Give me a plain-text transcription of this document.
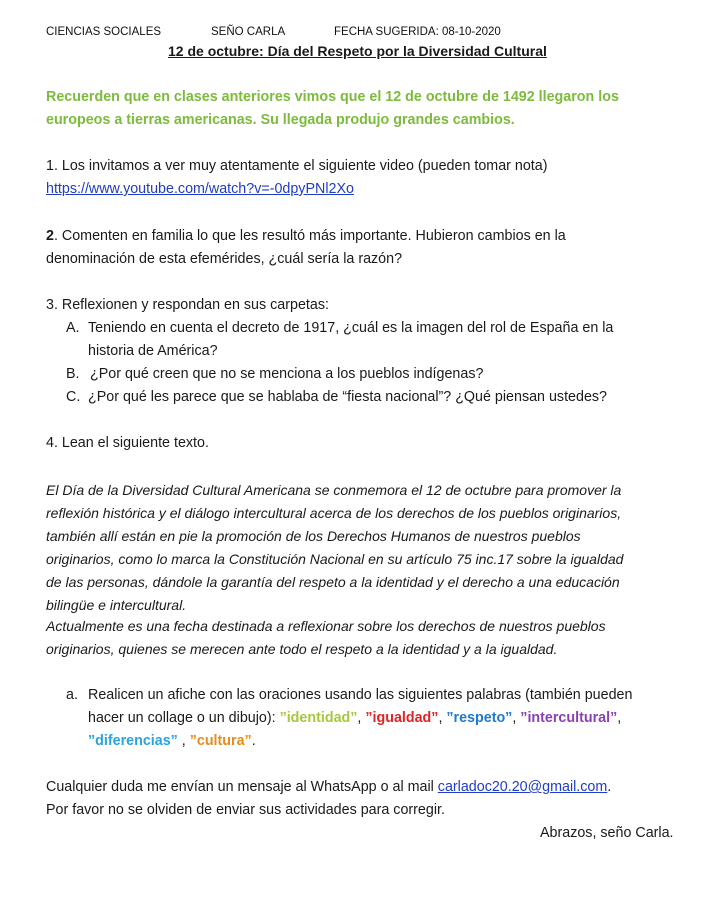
CIENCIAS SOCIALES	SEÑO CARLA	FECHA SUGERIDA: 08-10-2020
12 de octubre: Día del Respeto por la Diversidad Cultural
Recuerden que en clases anteriores vimos que el 12 de octubre de 1492 llegaron los
europeos a tierras americanas. Su llegada produjo grandes cambios.
1. Los invitamos a ver muy atentamente el siguiente video (pueden tomar nota)
https://www.youtube.com/watch?v=-0dpyPNl2Xo
2. Comenten en familia lo que les resultó más importante. Hubieron cambios en la
denominación de esta efemérides, ¿cuál sería la razón?
3. Reflexionen y respondan en sus carpetas:
A. Teniendo en cuenta el decreto de 1917, ¿cuál es la imagen del rol de España en la
historia de América?
B. ¿Por qué creen que no se menciona a los pueblos indígenas?
C. ¿Por qué les parece que se hablaba de “fiesta nacional”? ¿Qué piensan ustedes?
4. Lean el siguiente texto.
El Día de la Diversidad Cultural Americana se conmemora el 12 de octubre para promover la
reflexión histórica y el diálogo intercultural acerca de los derechos de los pueblos originarios,
también allí están en pie la promoción de los Derechos Humanos de nuestros pueblos
originarios, como lo marca la Constitución Nacional en su artículo 75 inc.17 sobre la igualdad
de las personas, dándole la garantía del respeto a la identidad y el derecho a una educación
bilingüe e intercultural.
Actualmente es una fecha destinada a reflexionar sobre los derechos de nuestros pueblos
originarios, quienes se merecen ante todo el respeto a la identidad y a la igualdad.
a. Realicen un afiche con las oraciones usando las siguientes palabras (también pueden
hacer un collage o un dibujo): ”identidad”, ”igualdad”, ”respeto”, ”intercultural”,
”diferencias” , ”cultura”.
Cualquier duda me envían un mensaje al WhatsApp o al mail carladoc20.20@gmail.com.
Por favor no se olviden de enviar sus actividades para corregir.
Abrazos, seño Carla.
